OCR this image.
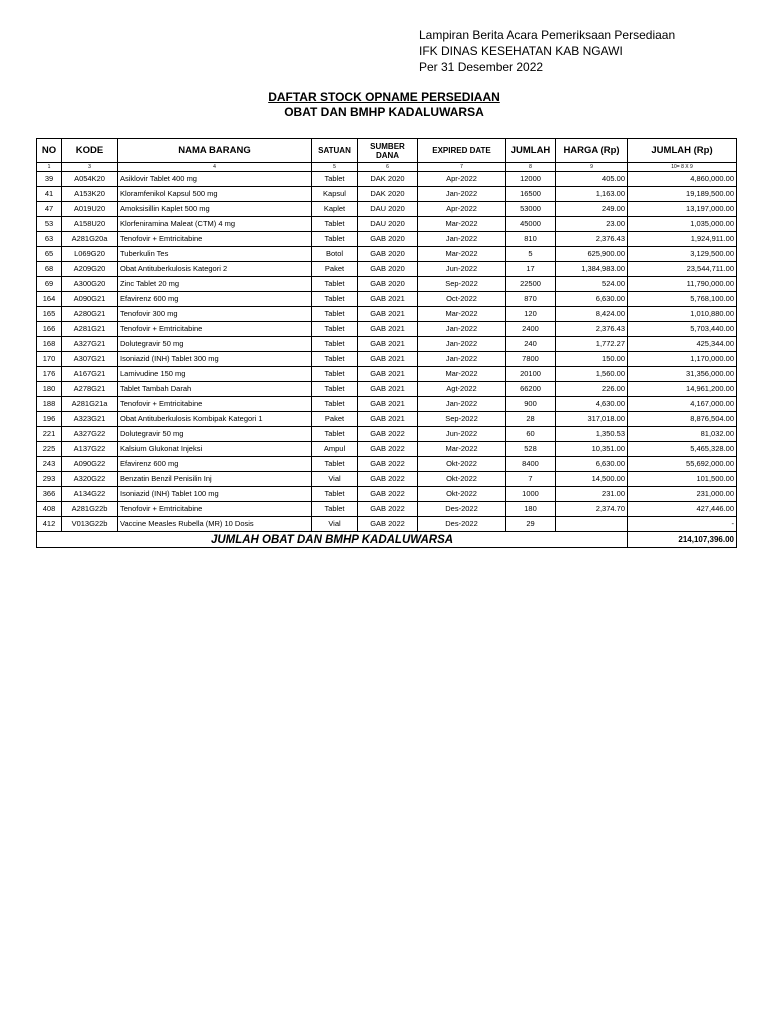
Lampiran Berita Acara Pemeriksaan Persediaan
IFK DINAS KESEHATAN KAB NGAWI
Per 31 Desember 2022
DAFTAR STOCK OPNAME PERSEDIAAN
OBAT DAN BMHP KADALUWARSA
NO	KODE	NAMA BARANG	SATUAN	SUMBER DANA	EXPIRED DATE	JUMLAH	HARGA (Rp)	JUMLAH (Rp)
1	3	4	5	6	7	8	9	10= 8 X 9
39	A054K20	Asiklovir Tablet 400 mg	Tablet	DAK 2020	Apr-2022	12000	405.00	4,860,000.00
41	A153K20	Kloramfenikol Kapsul 500 mg	Kapsul	DAK 2020	Jan-2022	16500	1,163.00	19,189,500.00
47	A019U20	Amoksisillin Kaplet 500 mg	Kaplet	DAU 2020	Apr-2022	53000	249.00	13,197,000.00
53	A158U20	Klorfeniramina Maleat (CTM) 4 mg	Tablet	DAU 2020	Mar-2022	45000	23.00	1,035,000.00
63	A281G20a	Tenofovir + Emtricitabine	Tablet	GAB 2020	Jan-2022	810	2,376.43	1,924,911.00
65	L069G20	Tuberkulin Tes	Botol	GAB 2020	Mar-2022	5	625,900.00	3,129,500.00
68	A209G20	Obat Antituberkulosis Kategori 2	Paket	GAB 2020	Jun-2022	17	1,384,983.00	23,544,711.00
69	A300G20	Zinc Tablet 20 mg	Tablet	GAB 2020	Sep-2022	22500	524.00	11,790,000.00
164	A090G21	Efavirenz 600 mg	Tablet	GAB 2021	Oct-2022	870	6,630.00	5,768,100.00
165	A280G21	Tenofovir 300 mg	Tablet	GAB 2021	Mar-2022	120	8,424.00	1,010,880.00
166	A281G21	Tenofovir + Emtricitabine	Tablet	GAB 2021	Jan-2022	2400	2,376.43	5,703,440.00
168	A327G21	Dolutegravir 50 mg	Tablet	GAB 2021	Jan-2022	240	1,772.27	425,344.00
170	A307G21	Isoniazid (INH) Tablet 300 mg	Tablet	GAB 2021	Jan-2022	7800	150.00	1,170,000.00
176	A167G21	Lamivudine 150 mg	Tablet	GAB 2021	Mar-2022	20100	1,560.00	31,356,000.00
180	A278G21	Tablet Tambah Darah	Tablet	GAB 2021	Agt-2022	66200	226.00	14,961,200.00
188	A281G21a	Tenofovir + Emtricitabine	Tablet	GAB 2021	Jan-2022	900	4,630.00	4,167,000.00
196	A323G21	Obat Antituberkulosis Kombipak Kategori 1	Paket	GAB 2021	Sep-2022	28	317,018.00	8,876,504.00
221	A327G22	Dolutegravir 50 mg	Tablet	GAB 2022	Jun-2022	60	1,350.53	81,032.00
225	A137G22	Kalsium Glukonat Injeksi	Ampul	GAB 2022	Mar-2022	528	10,351.00	5,465,328.00
243	A090G22	Efavirenz 600 mg	Tablet	GAB 2022	Okt-2022	8400	6,630.00	55,692,000.00
293	A320G22	Benzatin Benzil Penisilin Inj	Vial	GAB 2022	Okt-2022	7	14,500.00	101,500.00
366	A134G22	Isoniazid (INH) Tablet 100 mg	Tablet	GAB 2022	Okt-2022	1000	231.00	231,000.00
408	A281G22b	Tenofovir + Emtricitabine	Tablet	GAB 2022	Des-2022	180	2,374.70	427,446.00
412	V013G22b	Vaccine Measles Rubella (MR) 10 Dosis	Vial	GAB 2022	Des-2022	29		-
JUMLAH OBAT DAN BMHP KADALUWARSA								214,107,396.00
